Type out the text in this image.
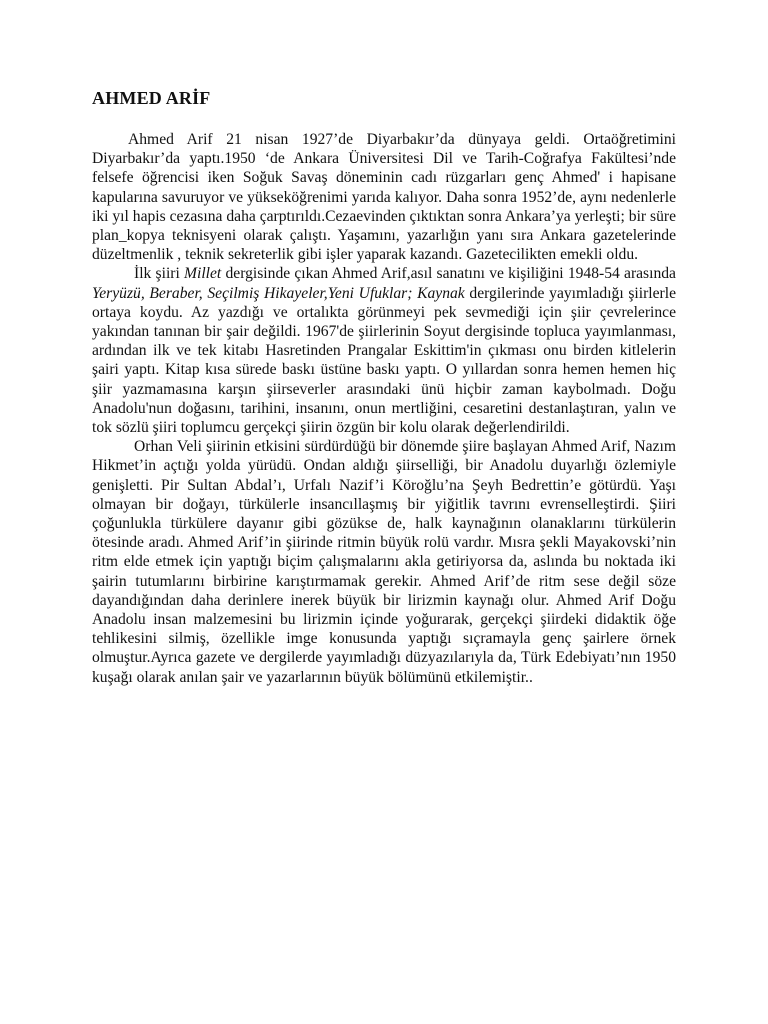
AHMED ARİF

Ahmed Arif 21 nisan 1927’de Diyarbakır’da dünyaya geldi. Ortaöğretimini Diyarbakır’da yaptı.1950 ‘de Ankara Üniversitesi Dil ve Tarih-Coğrafya Fakültesi’nde felsefe öğrencisi iken Soğuk Savaş döneminin cadı rüzgarları genç Ahmed' i hapisane kapularına savuruyor ve yükseköğrenimi yarıda kalıyor. Daha sonra 1952’de, aynı nedenlerle iki yıl hapis cezasına daha çarptırıldı.Cezaevinden çıktıktan sonra Ankara’ya yerleşti; bir süre plan_kopya teknisyeni olarak çalıştı. Yaşamını, yazarlığın yanı sıra Ankara gazetelerinde düzeltmenlik , teknik sekreterlik gibi işler yaparak kazandı. Gazetecilikten emekli oldu.

İlk şiiri Millet dergisinde çıkan Ahmed Arif,asıl sanatını ve kişiliğini 1948-54 arasında Yeryüzü, Beraber, Seçilmiş Hikayeler,Yeni Ufuklar; Kaynak dergilerinde yayımladığı şiirlerle ortaya koydu. Az yazdığı ve ortalıkta görünmeyi pek sevmediği için şiir çevrelerince yakından tanınan bir şair değildi. 1967'de şiirlerinin Soyut dergisinde topluca yayımlanması, ardından ilk ve tek kitabı Hasretinden Prangalar Eskittim'in çıkması onu birden kitlelerin şairi yaptı. Kitap kısa sürede baskı üstüne baskı yaptı. O yıllardan sonra hemen hemen hiç şiir yazmamasına karşın şiirseverler arasındaki ünü hiçbir zaman kaybolmadı. Doğu Anadolu'nun doğasını, tarihini, insanını, onun mertliğini, cesaretini destanlaştıran, yalın ve tok sözlü şiiri toplumcu gerçekçi şiirin özgün bir kolu olarak değerlendirildi.

Orhan Veli şiirinin etkisini sürdürdüğü bir dönemde şiire başlayan Ahmed Arif, Nazım Hikmet’in açtığı yolda yürüdü. Ondan aldığı şiirselliği, bir Anadolu duyarlığı özlemiyle genişletti. Pir Sultan Abdal’ı, Urfalı Nazif’i Köroğlu’na Şeyh Bedrettin’e götürdü. Yaşı olmayan bir doğayı, türkülerle insancıllaşmış bir yiğitlik tavrını evrenselleştirdi. Şiiri çoğunlukla türkülere dayanır gibi gözükse de, halk kaynağının olanaklarını türkülerin ötesinde aradı. Ahmed Arif’in şiirinde ritmin büyük rolü vardır. Mısra şekli Mayakovski’nin ritm elde etmek için yaptığı biçim çalışmalarını akla getiriyorsa da, aslında bu noktada iki şairin tutumlarını birbirine karıştırmamak gerekir. Ahmed Arif’de ritm sese değil söze dayandığından daha derinlere inerek büyük bir lirizmin kaynağı olur. Ahmed Arif Doğu Anadolu insan malzemesini bu lirizmin içinde yoğurarak, gerçekçi şiirdeki didaktik öğe tehlikesini silmiş, özellikle imge konusunda yaptığı sıçramayla genç şairlere örnek olmuştur.Ayrıca gazete ve dergilerde yayımladığı düzyazılarıyla da, Türk Edebiyatı’nın 1950 kuşağı olarak anılan şair ve yazarlarının büyük bölümünü etkilemiştir..
